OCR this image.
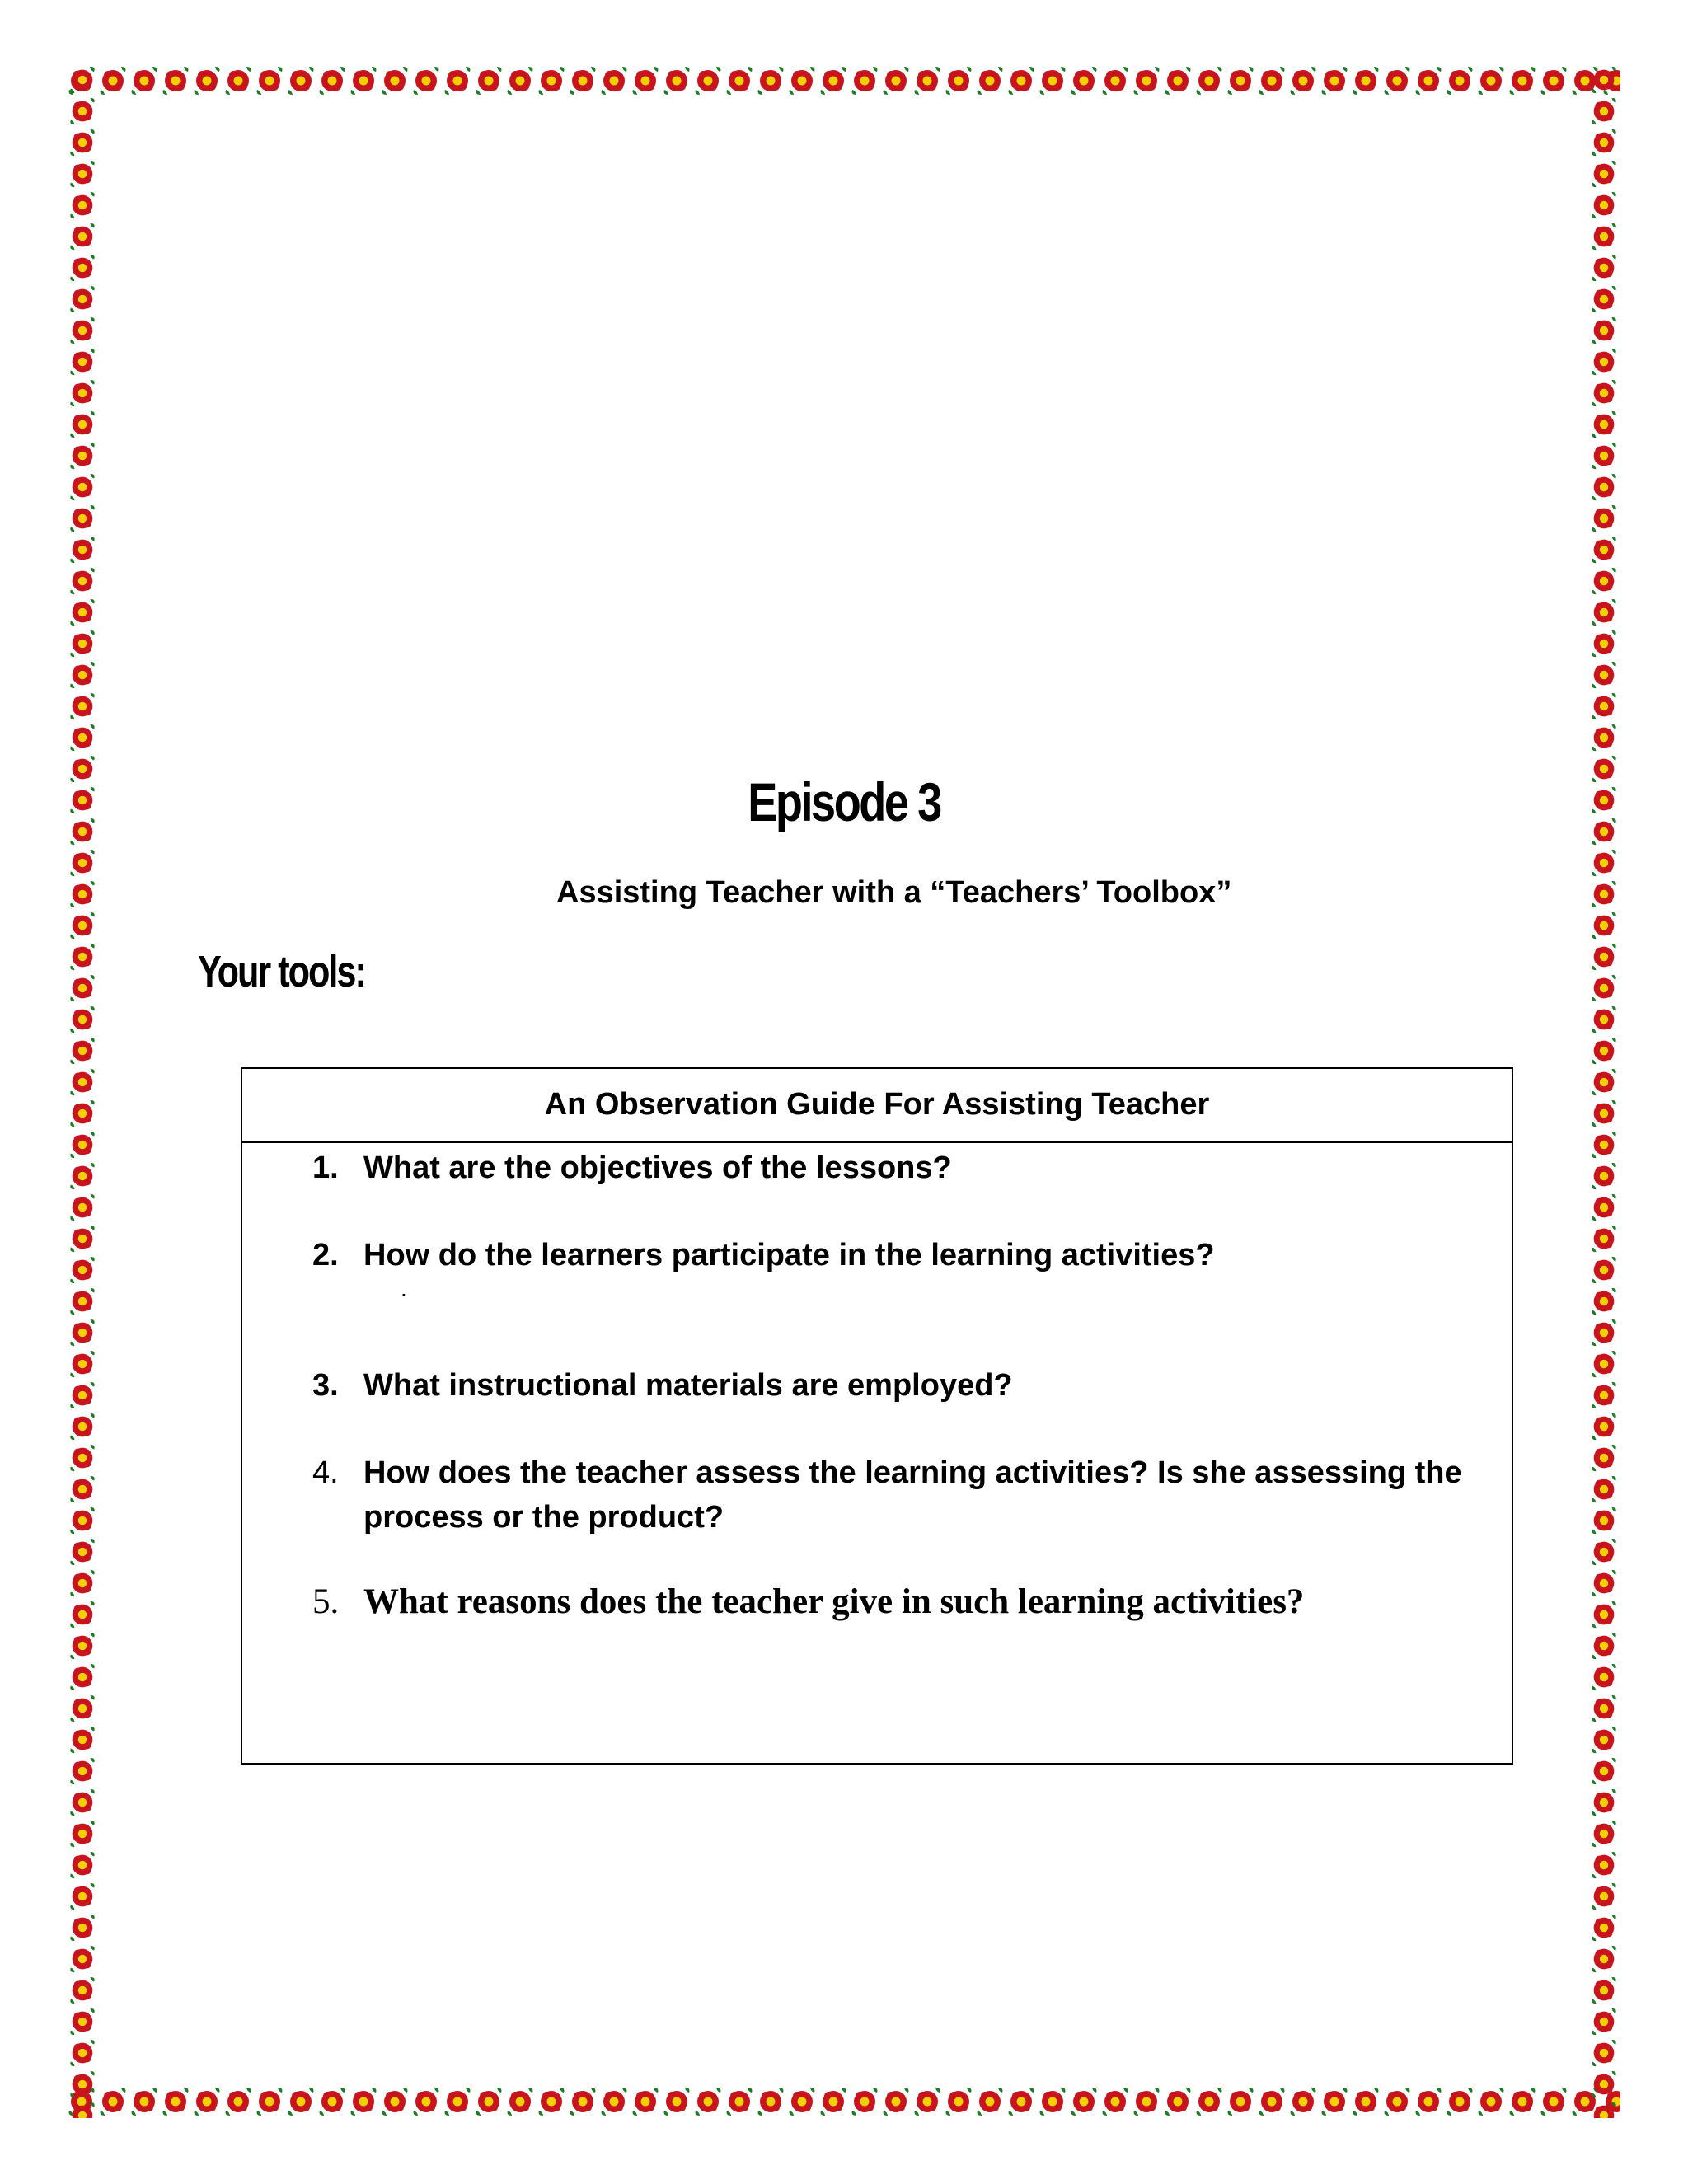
Episode 3
Assisting Teacher with a “Teachers’ Toolbox”
Your tools:
An Observation Guide For Assisting Teacher
1. What are the objectives of the lessons?
2. How do the learners participate in the learning activities?
.
3. What instructional materials are employed?
4. How does the teacher assess the learning activities? Is she assessing the process or the product?
5. What reasons does the teacher give in such learning activities?
